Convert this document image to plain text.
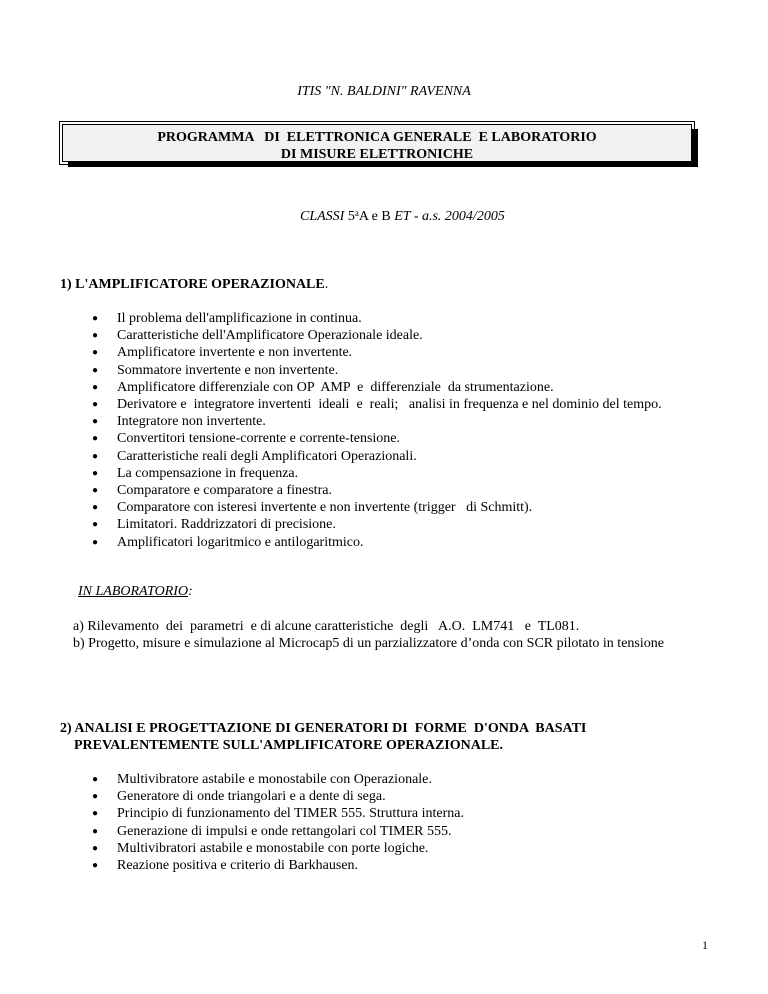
ITIS "N. BALDINI" RAVENNA
PROGRAMMA   DI  ELETTRONICA GENERALE  E LABORATORIO
DI MISURE ELETTRONICHE
CLASSI 5$^a$A e B ET - a.s. 2004/2005
1) L'AMPLIFICATORE OPERAZIONALE.
● Il problema dell'amplificazione in continua.
● Caratteristiche dell'Amplificatore Operazionale ideale.
● Amplificatore invertente e non invertente.
● Sommatore invertente e non invertente.
● Amplificatore differenziale con OP  AMP  e  differenziale  da strumentazione.
● Derivatore e  integratore invertenti  ideali  e  reali;   analisi in frequenza e nel dominio del tempo.
● Integratore non invertente.
● Convertitori tensione-corrente e corrente-tensione.
● Caratteristiche reali degli Amplificatori Operazionali.
● La compensazione in frequenza.
● Comparatore e comparatore a finestra.
● Comparatore con isteresi invertente e non invertente (trigger   di Schmitt).
● Limitatori. Raddrizzatori di precisione.
● Amplificatori logaritmico e antilogaritmico.
IN LABORATORIO:
a) Rilevamento  dei  parametri  e di alcune caratteristiche  degli   A.O.  LM741   e  TL081.
b) Progetto, misure e simulazione al Microcap5 di un parzializzatore d’onda con SCR pilotato in tensione
2) ANALISI E PROGETTAZIONE DI GENERATORI DI  FORME  D'ONDA  BASATI
PREVALENTEMENTE SULL'AMPLIFICATORE OPERAZIONALE.
● Multivibratore astabile e monostabile con Operazionale.
● Generatore di onde triangolari e a dente di sega.
● Principio di funzionamento del TIMER 555. Struttura interna.
● Generazione di impulsi e onde rettangolari col TIMER 555.
● Multivibratori astabile e monostabile con porte logiche.
● Reazione positiva e criterio di Barkhausen.
1
